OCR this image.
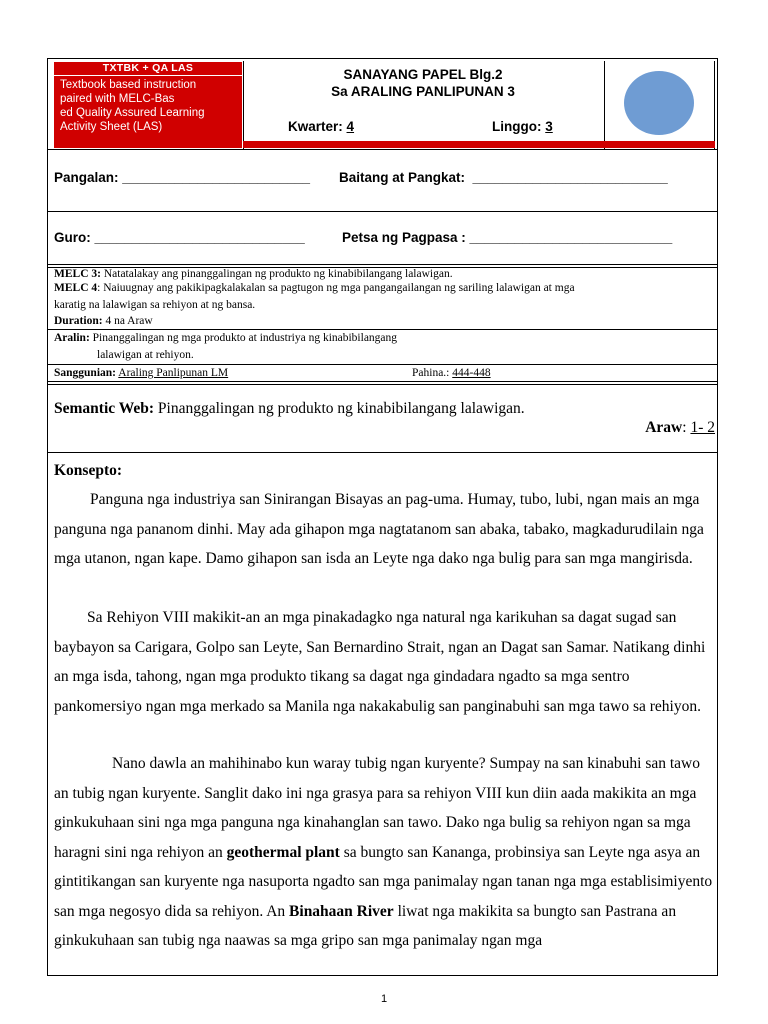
TXTBK + QA LAS
Textbook based instruction
paired with MELC-Bas
ed Quality Assured Learning
Activity Sheet (LAS)
SANAYANG PAPEL Blg.2
Sa ARALING PANLIPUNAN 3
Kwarter: 4	Linggo: 3
Pangalan: _________________________ Baitang at Pangkat:  __________________________
Guro: ____________________________	Petsa ng Pagpasa : ___________________________
MELC 3: Natatalakay ang pinanggalingan ng produkto ng kinabibilangang lalawigan.
MELC 4: Naiuugnay ang pakikipagkalakalan sa pagtugon ng mga pangangailangan ng sariling lalawigan at mga
karatig na lalawigan sa rehiyon at ng bansa.
Duration: 4 na Araw
Aralin: Pinanggalingan ng mga produkto at industriya ng kinabibilangang
lalawigan at rehiyon.
Sanggunian: Araling Panlipunan LM	Pahina.: 444-448
Semantic Web: Pinanggalingan ng produkto ng kinabibilangang lalawigan.
Araw: 1- 2
Konsepto:
Panguna nga industriya san Sinirangan Bisayas an pag-uma. Humay, tubo, lubi, ngan mais an mga panguna nga pananom dinhi. May ada gihapon mga nagtatanom san abaka, tabako, magkadurudilain nga mga utanon, ngan kape. Damo gihapon san isda an Leyte nga dako nga bulig para san mga mangirisda.
Sa Rehiyon VIII makikit-an an mga pinakadagko nga natural nga karikuhan sa dagat sugad san baybayon sa Carigara, Golpo san Leyte, San Bernardino Strait, ngan an Dagat san Samar. Natikang dinhi an mga isda, tahong, ngan mga produkto tikang sa dagat nga gindadara ngadto sa mga sentro pankomersiyo ngan mga merkado sa Manila nga nakakabulig san panginabuhi san mga tawo sa rehiyon.
Nano dawla an mahihinabo kun waray tubig ngan kuryente? Sumpay na san kinabuhi san tawo an tubig ngan kuryente. Sanglit dako ini nga grasya para sa rehiyon VIII kun diin aada makikita an mga ginkukuhaan sini nga mga panguna nga kinahanglan san tawo. Dako nga bulig sa rehiyon ngan sa mga haragni sini nga rehiyon an geothermal plant sa bungto san Kananga, probinsiya san Leyte nga asya an gintitikangan san kuryente nga nasuporta ngadto san mga panimalay ngan tanan nga mga establisimiyento san mga negosyo dida sa rehiyon. An Binahaan River liwat nga makikita sa bungto san Pastrana an ginkukuhaan san tubig nga naawas sa mga gripo san mga panimalay ngan mga
1
